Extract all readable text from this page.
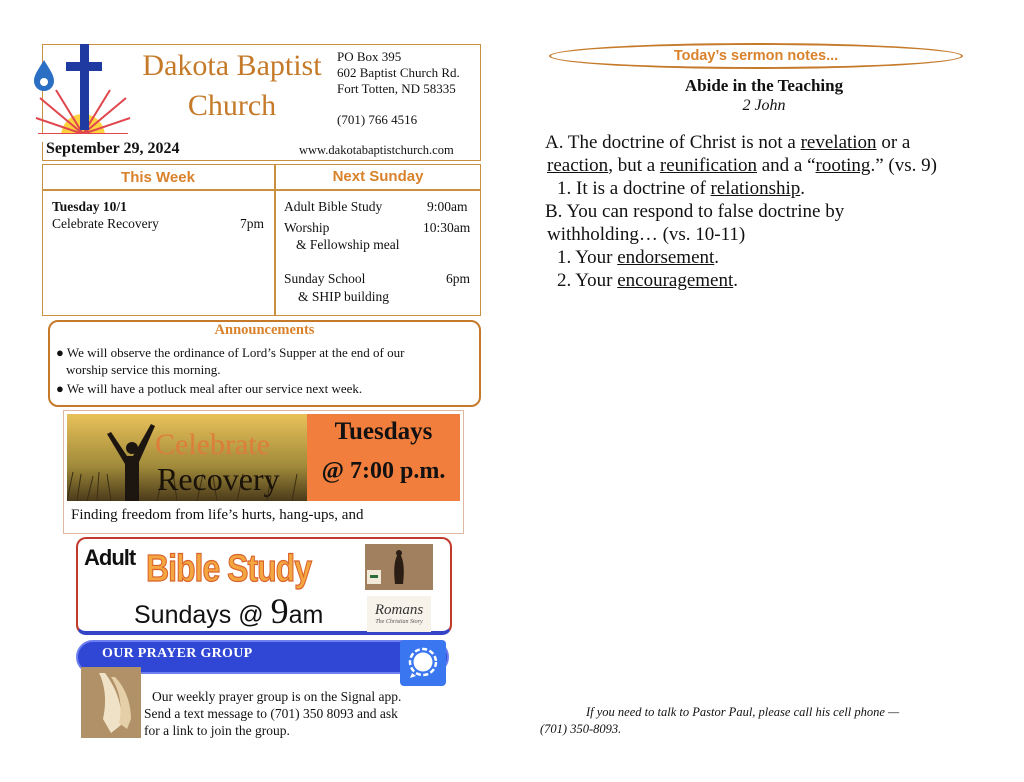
Dakota Baptist
Church
PO Box 395
602 Baptist Church Rd.
Fort Totten, ND 58335
(701) 766 4516
September 29, 2024	www.dakotabaptistchurch.com
This Week	Next Sunday
Tuesday 10/1
Celebrate Recovery	7pm
Adult Bible Study	9:00am
Worship	10:30am
& Fellowship meal
Sunday School	6pm
& SHIP building
Announcements
● We will observe the ordinance of Lord’s Supper at the end of our
worship service this morning.
● We will have a potluck meal after our service next week.
Celebrate
Recovery
Tuesdays
@ 7:00 p.m.
Finding freedom from life’s hurts, hang-ups, and
Adult Bible Study
Sundays @ 9am	Romans
The Christian Story
OUR PRAYER GROUP
Our weekly prayer group is on the Signal app.
Send a text message to (701) 350 8093 and ask
for a link to join the group.
Today’s sermon notes...
Abide in the Teaching
2 John
A. The doctrine of Christ is not a revelation or a
reaction, but a reunification and a “rooting.” (vs. 9)
1. It is a doctrine of relationship.
B. You can respond to false doctrine by
withholding… (vs. 10-11)
1. Your endorsement.
2. Your encouragement.
If you need to talk to Pastor Paul, please call his cell phone —
(701) 350-8093.
